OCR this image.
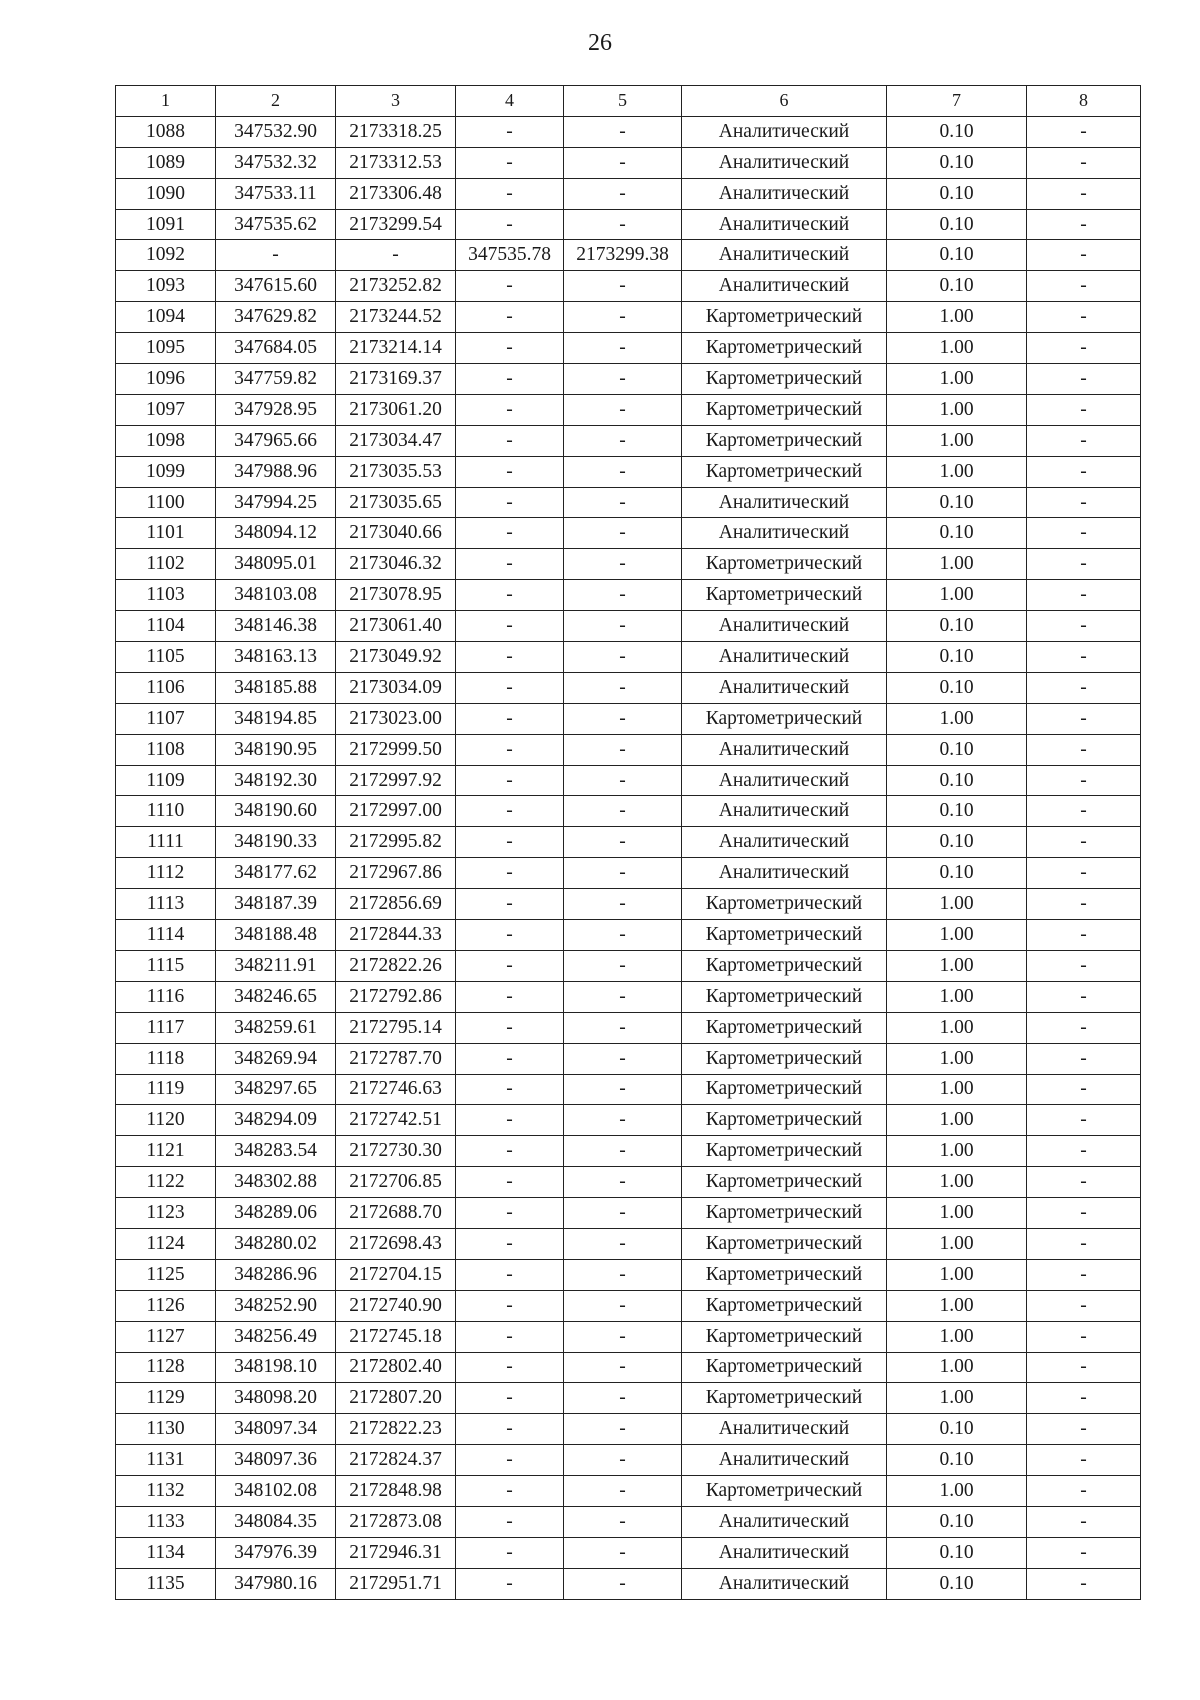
26
1	2	3	4	5	6	7	8
1088	347532.90	2173318.25	-	-	Аналитический	0.10	-
1089	347532.32	2173312.53	-	-	Аналитический	0.10	-
1090	347533.11	2173306.48	-	-	Аналитический	0.10	-
1091	347535.62	2173299.54	-	-	Аналитический	0.10	-
1092	-	-	347535.78	2173299.38	Аналитический	0.10	-
1093	347615.60	2173252.82	-	-	Аналитический	0.10	-
1094	347629.82	2173244.52	-	-	Картометрический	1.00	-
1095	347684.05	2173214.14	-	-	Картометрический	1.00	-
1096	347759.82	2173169.37	-	-	Картометрический	1.00	-
1097	347928.95	2173061.20	-	-	Картометрический	1.00	-
1098	347965.66	2173034.47	-	-	Картометрический	1.00	-
1099	347988.96	2173035.53	-	-	Картометрический	1.00	-
1100	347994.25	2173035.65	-	-	Аналитический	0.10	-
1101	348094.12	2173040.66	-	-	Аналитический	0.10	-
1102	348095.01	2173046.32	-	-	Картометрический	1.00	-
1103	348103.08	2173078.95	-	-	Картометрический	1.00	-
1104	348146.38	2173061.40	-	-	Аналитический	0.10	-
1105	348163.13	2173049.92	-	-	Аналитический	0.10	-
1106	348185.88	2173034.09	-	-	Аналитический	0.10	-
1107	348194.85	2173023.00	-	-	Картометрический	1.00	-
1108	348190.95	2172999.50	-	-	Аналитический	0.10	-
1109	348192.30	2172997.92	-	-	Аналитический	0.10	-
1110	348190.60	2172997.00	-	-	Аналитический	0.10	-
1111	348190.33	2172995.82	-	-	Аналитический	0.10	-
1112	348177.62	2172967.86	-	-	Аналитический	0.10	-
1113	348187.39	2172856.69	-	-	Картометрический	1.00	-
1114	348188.48	2172844.33	-	-	Картометрический	1.00	-
1115	348211.91	2172822.26	-	-	Картометрический	1.00	-
1116	348246.65	2172792.86	-	-	Картометрический	1.00	-
1117	348259.61	2172795.14	-	-	Картометрический	1.00	-
1118	348269.94	2172787.70	-	-	Картометрический	1.00	-
1119	348297.65	2172746.63	-	-	Картометрический	1.00	-
1120	348294.09	2172742.51	-	-	Картометрический	1.00	-
1121	348283.54	2172730.30	-	-	Картометрический	1.00	-
1122	348302.88	2172706.85	-	-	Картометрический	1.00	-
1123	348289.06	2172688.70	-	-	Картометрический	1.00	-
1124	348280.02	2172698.43	-	-	Картометрический	1.00	-
1125	348286.96	2172704.15	-	-	Картометрический	1.00	-
1126	348252.90	2172740.90	-	-	Картометрический	1.00	-
1127	348256.49	2172745.18	-	-	Картометрический	1.00	-
1128	348198.10	2172802.40	-	-	Картометрический	1.00	-
1129	348098.20	2172807.20	-	-	Картометрический	1.00	-
1130	348097.34	2172822.23	-	-	Аналитический	0.10	-
1131	348097.36	2172824.37	-	-	Аналитический	0.10	-
1132	348102.08	2172848.98	-	-	Картометрический	1.00	-
1133	348084.35	2172873.08	-	-	Аналитический	0.10	-
1134	347976.39	2172946.31	-	-	Аналитический	0.10	-
1135	347980.16	2172951.71	-	-	Аналитический	0.10	-
